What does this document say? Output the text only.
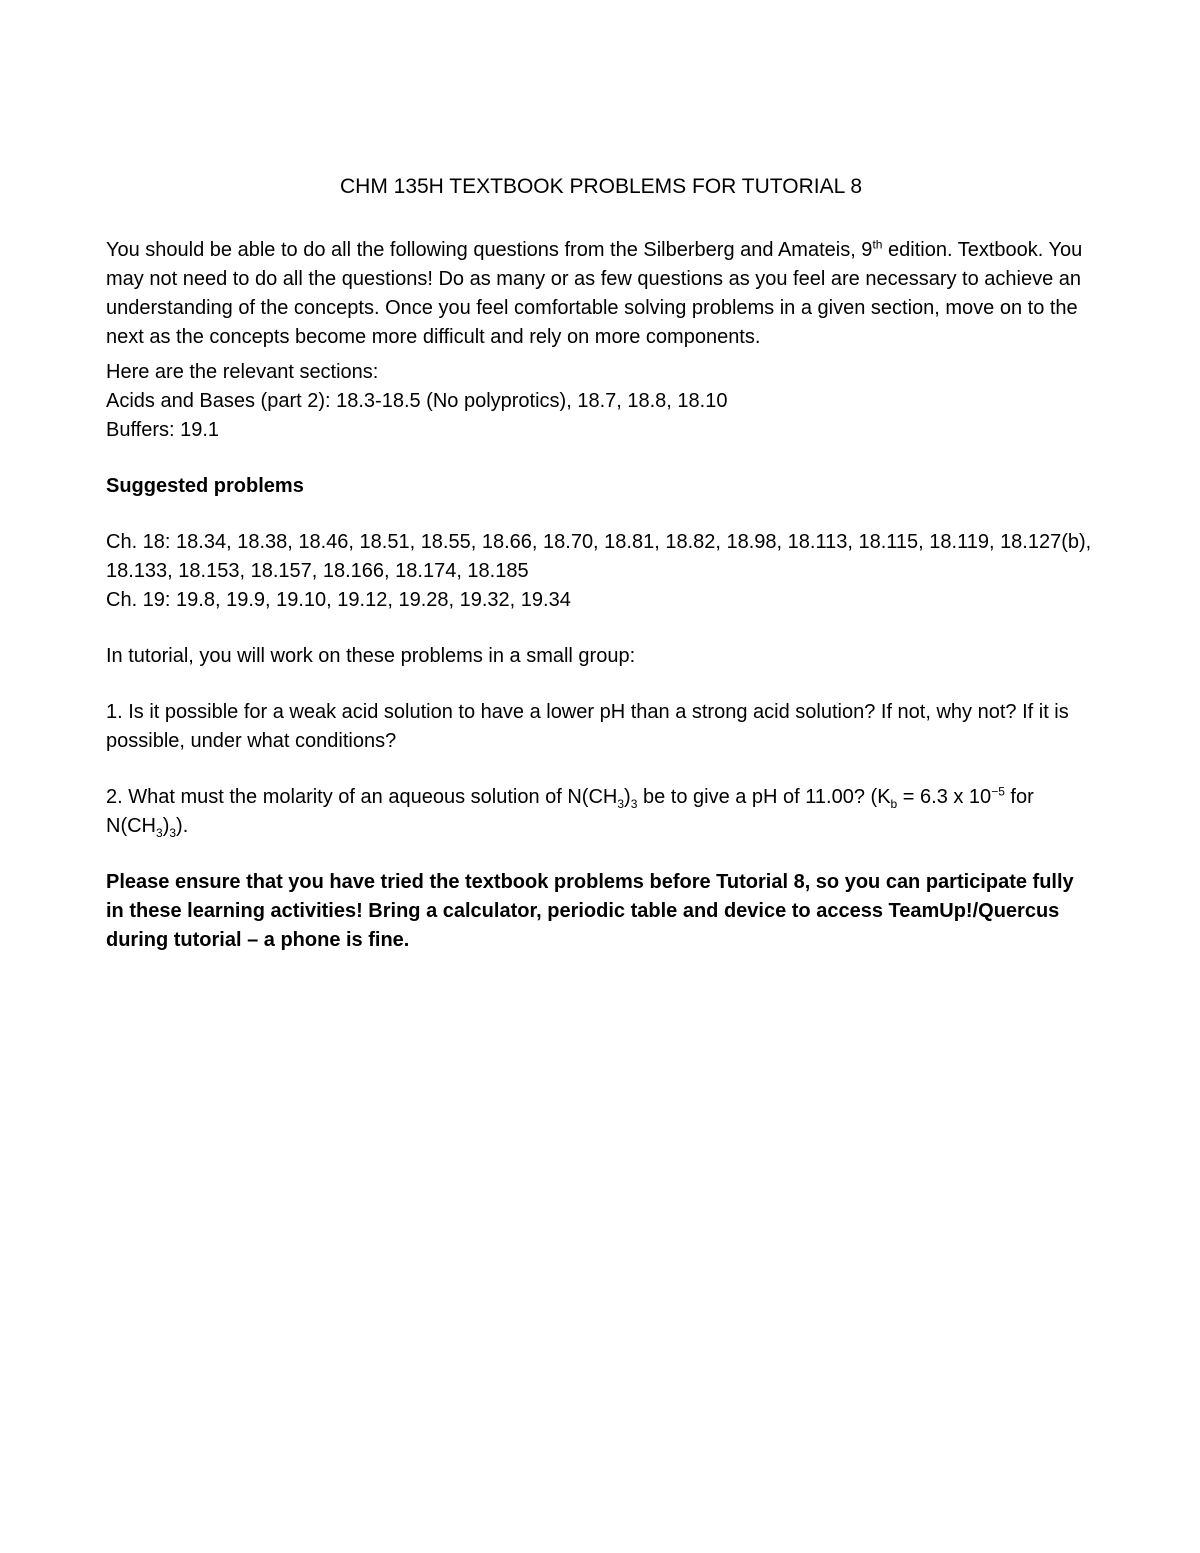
CHM 135H TEXTBOOK PROBLEMS FOR TUTORIAL 8

You should be able to do all the following questions from the Silberberg and Amateis, 9th edition. Textbook. You may not need to do all the questions! Do as many or as few questions as you feel are necessary to achieve an understanding of the concepts. Once you feel comfortable solving problems in a given section, move on to the next as the concepts become more difficult and rely on more components.

Here are the relevant sections:

Acids and Bases (part 2): 18.3-18.5 (No polyprotics), 18.7, 18.8, 18.10

Buffers: 19.1

Suggested problems

Ch. 18: 18.34, 18.38, 18.46, 18.51, 18.55, 18.66, 18.70, 18.81, 18.82, 18.98, 18.113, 18.115, 18.119, 18.127(b), 18.133, 18.153, 18.157, 18.166, 18.174, 18.185

Ch. 19: 19.8, 19.9, 19.10, 19.12, 19.28, 19.32, 19.34

In tutorial, you will work on these problems in a small group:

1. Is it possible for a weak acid solution to have a lower pH than a strong acid solution? If not, why not? If it is possible, under what conditions?

2. What must the molarity of an aqueous solution of $N(CH_3)_3$ be to give a pH of 11.00? ($K_b = 6.3$ x $10^{-5}$ for $N(CH_3)_3$).

Please ensure that you have tried the textbook problems before Tutorial 8, so you can participate fully in these learning activities! Bring a calculator, periodic table and device to access TeamUp!/Quercus during tutorial – a phone is fine.
